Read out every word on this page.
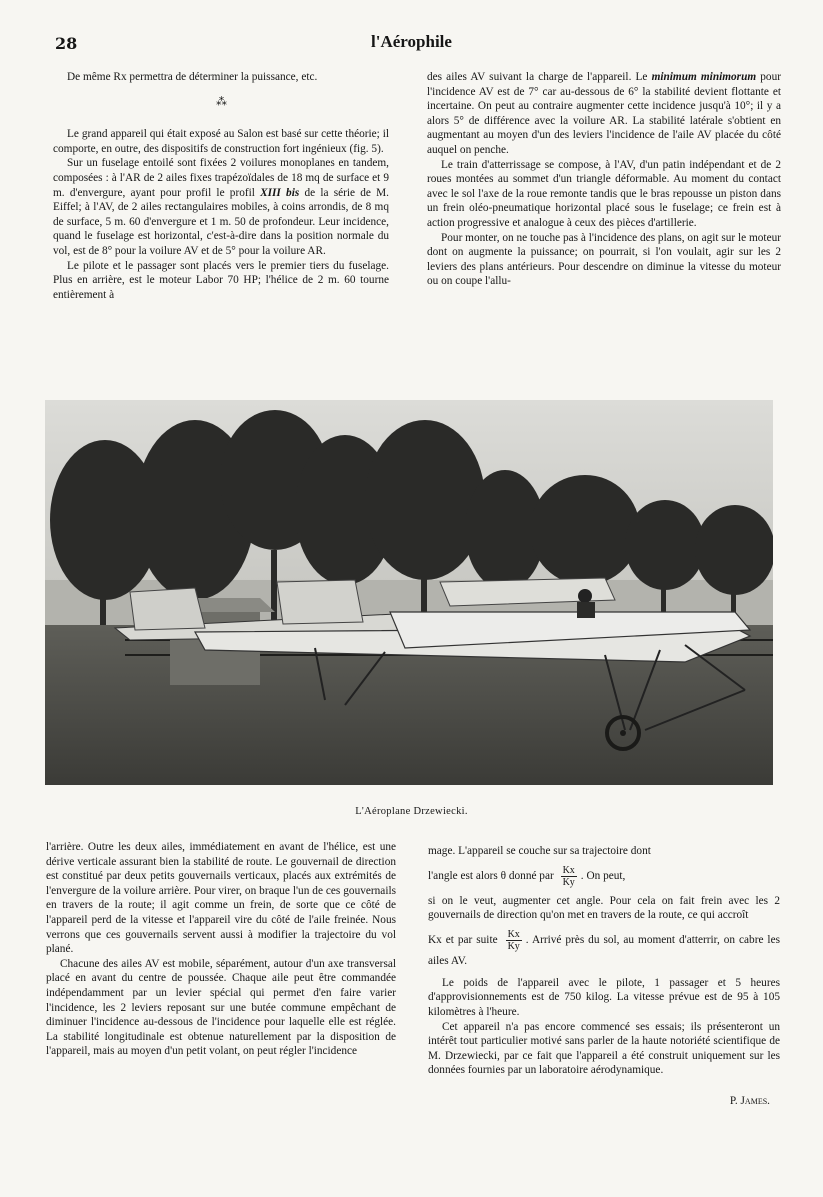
28	l'Aérophile

De même Rx permettra de déterminer la puissance, etc.

⁂

Le grand appareil qui était exposé au Salon est basé sur cette théorie; il comporte, en outre, des dispositifs de construction fort ingénieux (fig. 5).

Sur un fuselage entoilé sont fixées 2 voilures monoplanes en tandem, composées : à l'AR de 2 ailes fixes trapézoïdales de 18 mq de surface et 9 m. d'envergure, ayant pour profil le profil XIII bis de la série de M. Eiffel; à l'AV, de 2 ailes rectangulaires mobiles, à coins arrondis, de 8 mq de surface, 5 m. 60 d'envergure et 1 m. 50 de profondeur. Leur incidence, quand le fuselage est horizontal, c'est-à-dire dans la position normale du vol, est de 8° pour la voilure AV et de 5° pour la voilure AR.

Le pilote et le passager sont placés vers le premier tiers du fuselage. Plus en arrière, est le moteur Labor 70 HP; l'hélice de 2 m. 60 tourne entièrement à

des ailes AV suivant la charge de l'appareil. Le minimum minimorum pour l'incidence AV est de 7° car au-dessous de 6° la stabilité devient flottante et incertaine. On peut au contraire augmenter cette incidence jusqu'à 10°; il y a alors 5° de différence avec la voilure AR. La stabilité latérale s'obtient en augmentant au moyen d'un des leviers l'incidence de l'aile AV placée du côté auquel on penche.

Le train d'atterrissage se compose, à l'AV, d'un patin indépendant et de 2 roues montées au sommet d'un triangle déformable. Au moment du contact avec le sol l'axe de la roue remonte tandis que le bras repousse un piston dans un frein oléo-pneumatique horizontal placé sous le fuselage; ce frein est à action progressive et analogue à ceux des pièces d'artillerie.

Pour monter, on ne touche pas à l'incidence des plans, on agit sur le moteur dont on augmente la puissance; on pourrait, si l'on voulait, agir sur les 2 leviers des plans antérieurs. Pour descendre on diminue la vitesse du moteur ou on coupe l'allu-

L'Aéroplane Drzewiecki.

l'arrière. Outre les deux ailes, immédiatement en avant de l'hélice, est une dérive verticale assurant bien la stabilité de route. Le gouvernail de direction est constitué par deux petits gouvernails verticaux, placés aux extrémités de l'envergure de la voilure arrière. Pour virer, on braque l'un de ces gouvernails en travers de la route; il agit comme un frein, de sorte que ce côté de l'appareil perd de la vitesse et l'appareil vire du côté de l'aile freinée. Nous verrons que ces gouvernails servent aussi à modifier la trajectoire du vol plané.

Chacune des ailes AV est mobile, séparément, autour d'un axe transversal placé en avant du centre de poussée. Chaque aile peut être commandée indépendamment par un levier spécial qui permet d'en faire varier l'incidence, les 2 leviers reposant sur une butée commune empêchant de diminuer l'incidence au-dessous de l'incidence pour laquelle elle est réglée. La stabilité longitudinale est obtenue naturellement par la disposition de l'appareil, mais au moyen d'un petit volant, on peut régler l'incidence

mage. L'appareil se couche sur sa trajectoire dont

l'angle est alors θ donné par $\frac{Kx}{Ky}$ . On peut,

si on le veut, augmenter cet angle. Pour cela on fait frein avec les 2 gouvernails de direction qu'on met en travers de la route, ce qui accroît

Kx et par suite $\frac{Kx}{Ky}$ . Arrivé près du sol, au moment d'atterrir, on cabre les ailes AV.

Le poids de l'appareil avec le pilote, 1 passager et 5 heures d'approvisionnements est de 750 kilog. La vitesse prévue est de 95 à 105 kilomètres à l'heure.

Cet appareil n'a pas encore commencé ses essais; ils présenteront un intérêt tout particulier motivé sans parler de la haute notoriété scientifique de M. Drzewiecki, par ce fait que l'appareil a été construit uniquement sur les données fournies par un laboratoire aérodynamique.

P. James.
